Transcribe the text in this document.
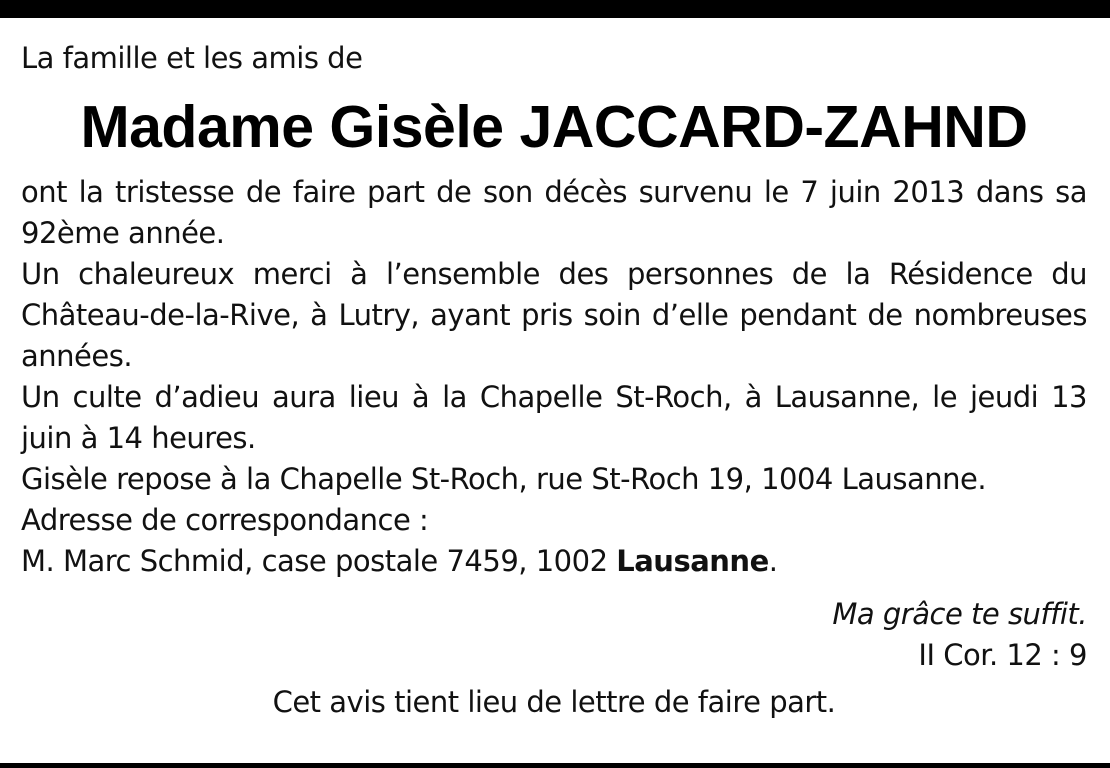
La famille et les amis de

Madame Gisèle JACCARD-ZAHND

ont la tristesse de faire part de son décès survenu le 7 juin 2013 dans sa 92ème année.

Un chaleureux merci à l’ensemble des personnes de la Résidence du Château-de-la-Rive, à Lutry, ayant pris soin d’elle pendant de nombreuses années.

Un culte d’adieu aura lieu à la Chapelle St-Roch, à Lausanne, le jeudi 13 juin à 14 heures.

Gisèle repose à la Chapelle St-Roch, rue St-Roch 19, 1004 Lausanne.

Adresse de correspondance :

M. Marc Schmid, case postale 7459, 1002 Lausanne.

Ma grâce te suffit.

II Cor. 12 : 9

Cet avis tient lieu de lettre de faire part.
